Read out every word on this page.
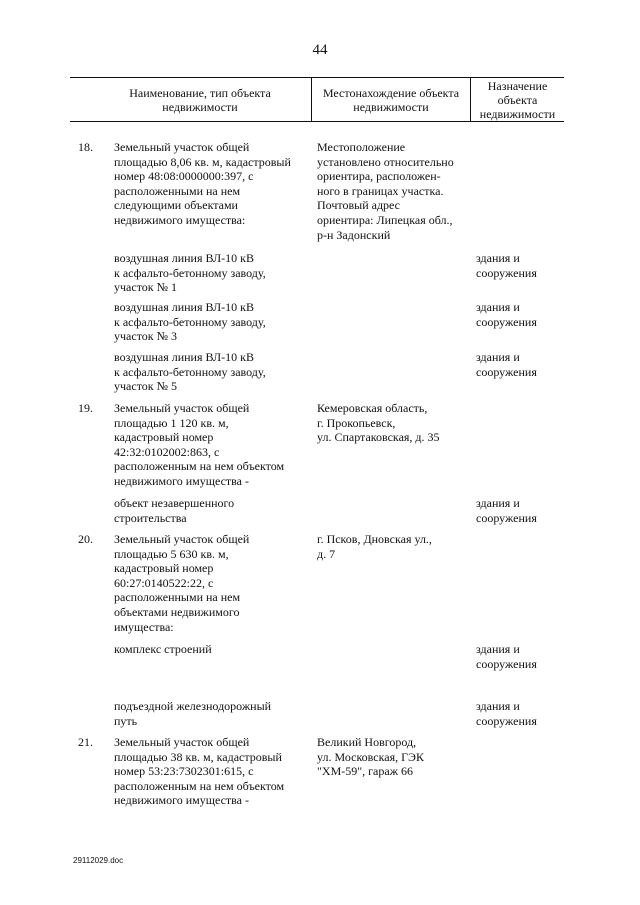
44
Наименование, тип объекта
недвижимости
Местонахождение объекта
недвижимости
Назначение
объекта
недвижимости
18. Земельный участок общей
площадью 8,06 кв. м, кадастровый
номер 48:08:0000000:397, с
расположенными на нем
следующими объектами
недвижимого имущества:
Местоположение
установлено относительно
ориентира, расположен-
ного в границах участка.
Почтовый адрес
ориентира: Липецкая обл.,
р-н Задонский
воздушная линия ВЛ-10 кВ
к асфальто-бетонному заводу,
участок № 1
здания и
сооружения
воздушная линия ВЛ-10 кВ
к асфальто-бетонному заводу,
участок № 3
здания и
сооружения
воздушная линия ВЛ-10 кВ
к асфальто-бетонному заводу,
участок № 5
здания и
сооружения
19. Земельный участок общей
площадью 1 120 кв. м,
кадастровый номер
42:32:0102002:863, с
расположенным на нем объектом
недвижимого имущества -
Кемеровская область,
г. Прокопьевск,
ул. Спартаковская, д. 35
объект незавершенного
строительства
здания и
сооружения
20. Земельный участок общей
площадью 5 630 кв. м,
кадастровый номер
60:27:0140522:22, с
расположенными на нем
объектами недвижимого
имущества:
г. Псков, Дновская ул.,
д. 7
комплекс строений	здания и
сооружения
подъездной железнодорожный
путь
здания и
сооружения
21. Земельный участок общей
площадью 38 кв. м, кадастровый
номер 53:23:7302301:615, с
расположенным на нем объектом
недвижимого имущества -
Великий Новгород,
ул. Московская, ГЭК
"ХМ-59", гараж 66
29112029.doc
